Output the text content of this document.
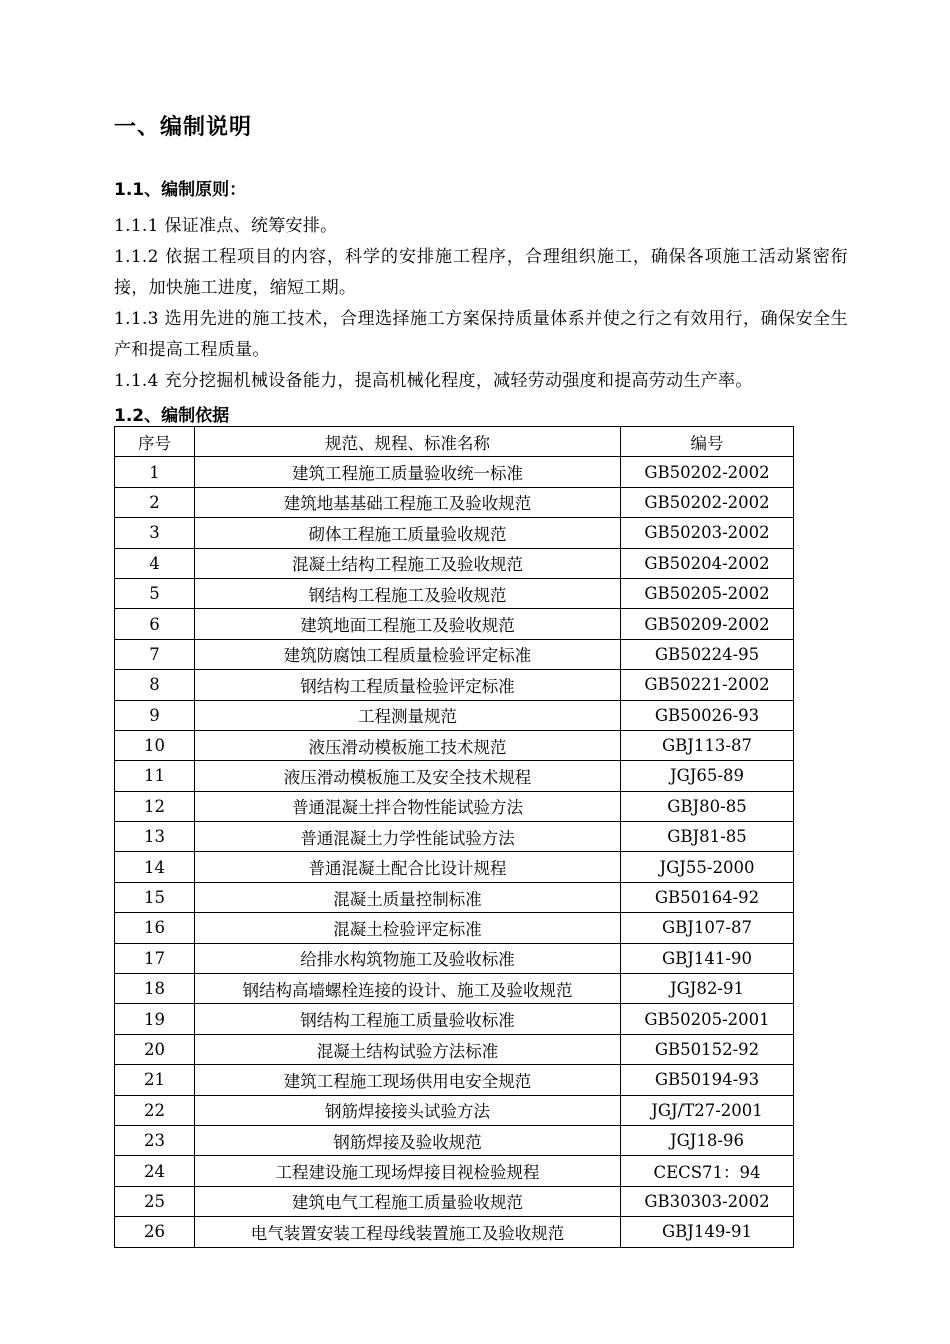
一、编制说明
1.1、编制原则：
1.1.1 保证准点、统筹安排。
1.1.2 依据工程项目的内容，科学的安排施工程序，合理组织施工，确保各项施工活动紧密衔接，加快施工进度，缩短工期。
1.1.3 选用先进的施工技术，合理选择施工方案保持质量体系并使之行之有效用行，确保安全生产和提高工程质量。
1.1.4 充分挖掘机械设备能力，提高机械化程度，减轻劳动强度和提高劳动生产率。
1.2、编制依据
序号	规范、规程、标准名称	编号
1	建筑工程施工质量验收统一标准	GB50202-2002
2	建筑地基基础工程施工及验收规范	GB50202-2002
3	砌体工程施工质量验收规范	GB50203-2002
4	混凝土结构工程施工及验收规范	GB50204-2002
5	钢结构工程施工及验收规范	GB50205-2002
6	建筑地面工程施工及验收规范	GB50209-2002
7	建筑防腐蚀工程质量检验评定标准	GB50224-95
8	钢结构工程质量检验评定标准	GB50221-2002
9	工程测量规范	GB50026-93
10	液压滑动模板施工技术规范	GBJ113-87
11	液压滑动模板施工及安全技术规程	JGJ65-89
12	普通混凝土拌合物性能试验方法	GBJ80-85
13	普通混凝土力学性能试验方法	GBJ81-85
14	普通混凝土配合比设计规程	JGJ55-2000
15	混凝土质量控制标准	GB50164-92
16	混凝土检验评定标准	GBJ107-87
17	给排水构筑物施工及验收标准	GBJ141-90
18	钢结构高墙螺栓连接的设计、施工及验收规范	JGJ82-91
19	钢结构工程施工质量验收标准	GB50205-2001
20	混凝土结构试验方法标准	GB50152-92
21	建筑工程施工现场供用电安全规范	GB50194-93
22	钢筋焊接接头试验方法	JGJ/T27-2001
23	钢筋焊接及验收规范	JGJ18-96
24	工程建设施工现场焊接目视检验规程	CECS71：94
25	建筑电气工程施工质量验收规范	GB30303-2002
26	电气装置安装工程母线装置施工及验收规范	GBJ149-91
